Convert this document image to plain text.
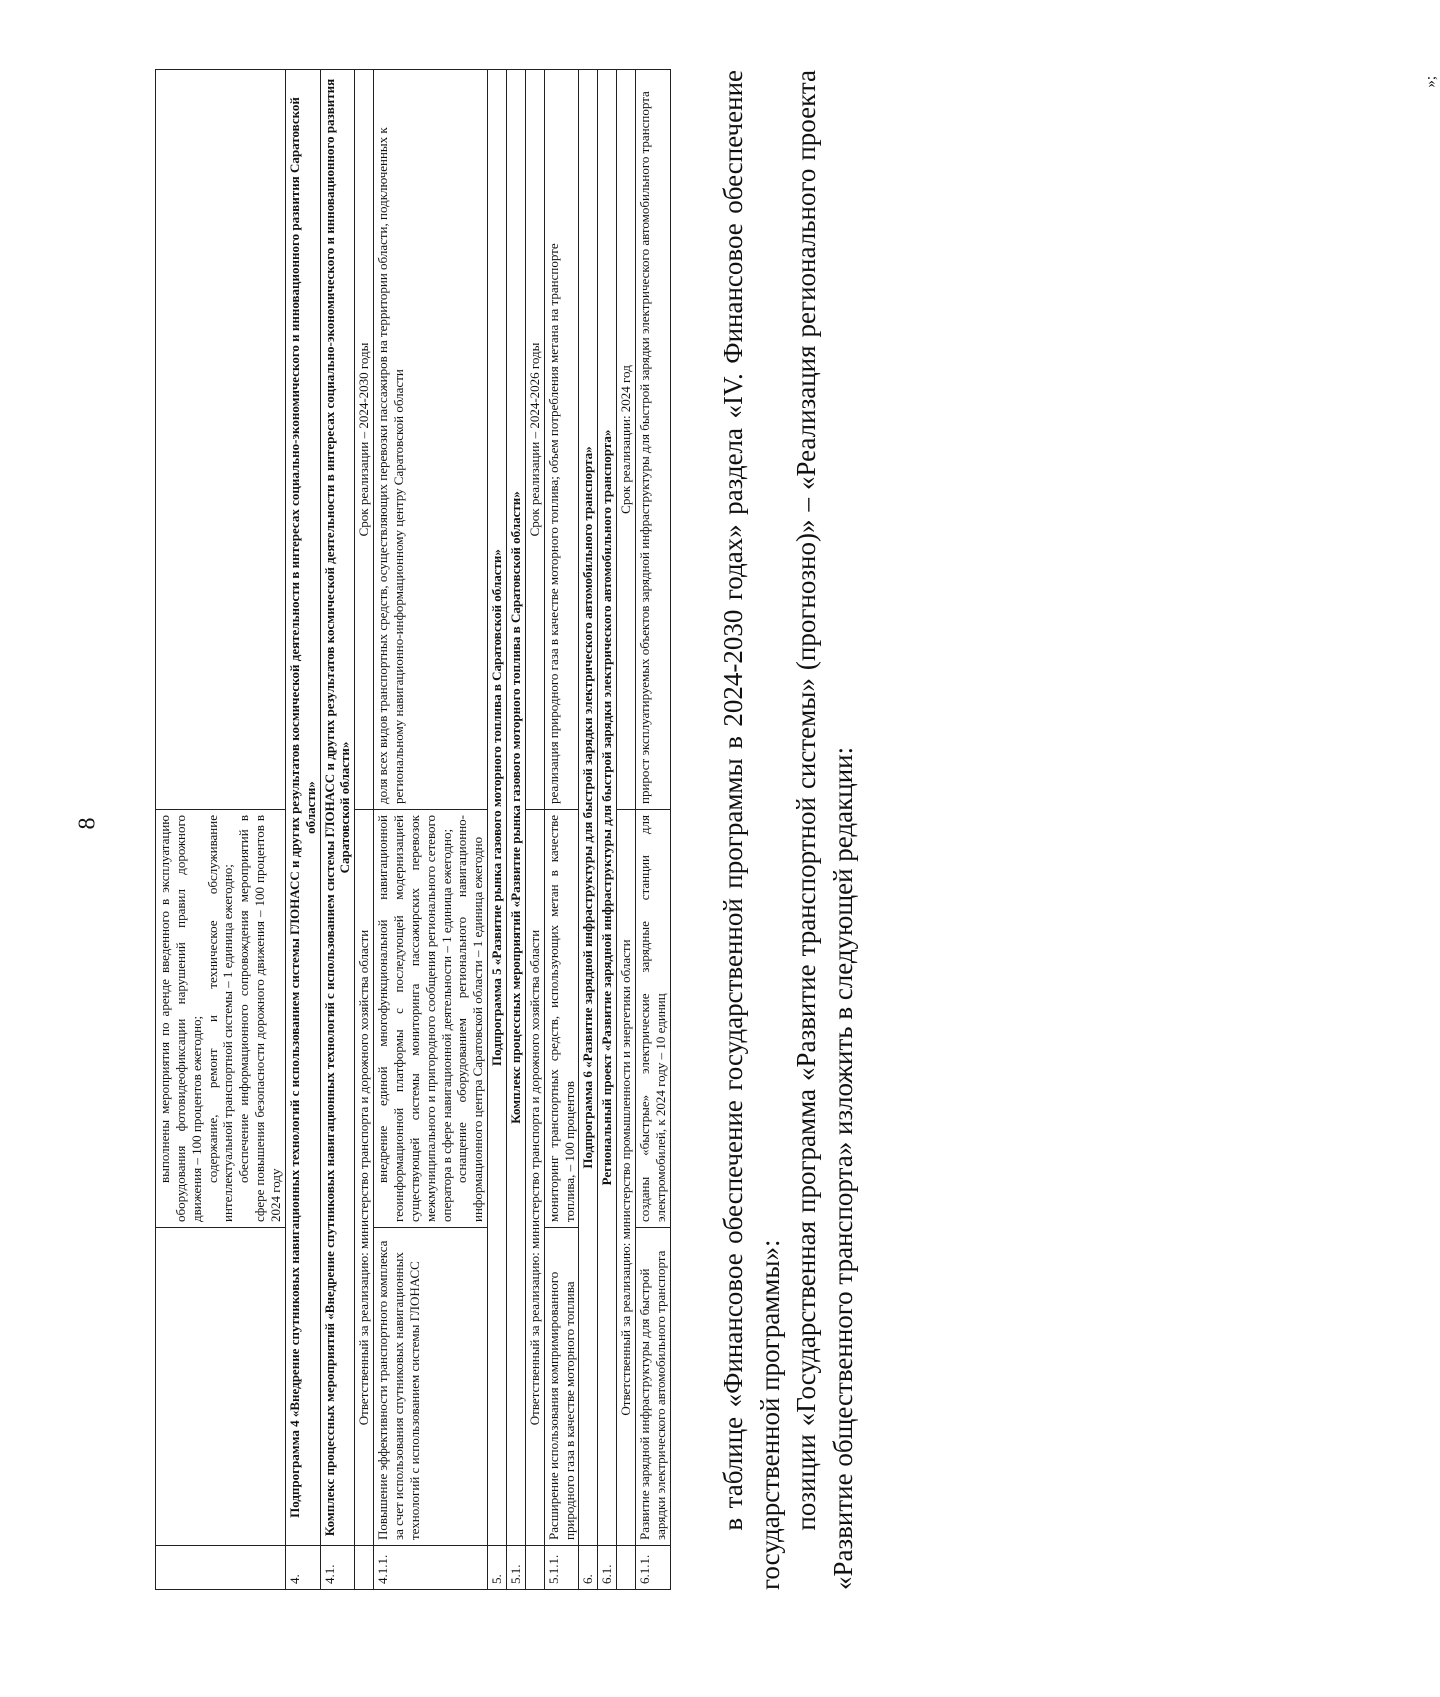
8

		выполнены мероприятия по аренде введенного в эксплуатацию оборудования фотовидеофиксации нарушений правил дорожного движения – 100 процентов ежегодно; содержание, ремонт и техническое обслуживание интеллектуальной транспортной системы – 1 единица ежегодно; обеспечение информационного сопровождения мероприятий в сфере повышения безопасности дорожного движения – 100 процентов в 2024 году	

4.	Подпрограмма 4 «Внедрение спутниковых навигационных технологий с использованием системы ГЛОНАСС и других результатов космической деятельности в интересах социально-экономического и инновационного развития Саратовской области»		
4.1.	Комплекс процессных мероприятий «Внедрение спутниковых навигационных технологий с использованием системы ГЛОНАСС и других результатов космической деятельности в интересах социально-экономического и инновационного развития Саратовской области»		
	Ответственный за реализацию: министерство транспорта и дорожного хозяйства области		Срок реализации – 2024-2030 годы
4.1.1.	Повышение эффективности транспортного комплекса за счет использования спутниковых навигационных технологий с использованием системы ГЛОНАСС	внедрение единой многофункциональной навигационной геоинформационной платформы с последующей модернизацией существующей системы мониторинга пассажирских перевозок межмуниципального и пригородного сообщения регионального сетевого оператора в сфере навигационной деятельности – 1 единица ежегодно; оснащение оборудованием регионального навигационно-информационного центра Саратовской области – 1 единица ежегодно	доля всех видов транспортных средств, осуществляющих перевозки пассажиров на территории области, подключенных к региональному навигационно-информационному центру Саратовской области
5.	Подпрограмма 5 «Развитие рынка газового моторного топлива в Саратовской области»		
5.1.	Комплекс процессных мероприятий «Развитие рынка газового моторного топлива в Саратовской области»		
	Ответственный за реализацию: министерство транспорта и дорожного хозяйства области		Срок реализации – 2024-2026 годы
5.1.1.	Расширение использования компримированного природного газа в качестве моторного топлива	мониторинг транспортных средств, использующих метан в качестве топлива, – 100 процентов	реализация природного газа в качестве моторного топлива; объем потребления метана на транспорте
6.	Подпрограмма 6 «Развитие зарядной инфраструктуры для быстрой зарядки электрического автомобильного транспорта»		
6.1.	Региональный проект «Развитие зарядной инфраструктуры для быстрой зарядки электрического автомобильного транспорта»		
	Ответственный за реализацию: министерство промышленности и энергетики области		Срок реализации: 2024 год
6.1.1.	Развитие зарядной инфраструктуры для быстрой зарядки электрического автомобильного транспорта	созданы «быстрые» электрические зарядные станции для электромобилей, к 2024 году – 10 единиц	прирост эксплуатируемых объектов зарядной инфраструктуры для быстрой зарядки электрического автомобильного транспорта
»;

в таблице «Финансовое обеспечение государственной программы в 2024-2030 годах» раздела «IV. Финансовое обеспечение государственной программы»: позиции «Государственная программа «Развитие транспортной системы» (прогнозно)» – «Реализация регионального проекта «Развитие общественного транспорта» изложить в следующей редакции:
